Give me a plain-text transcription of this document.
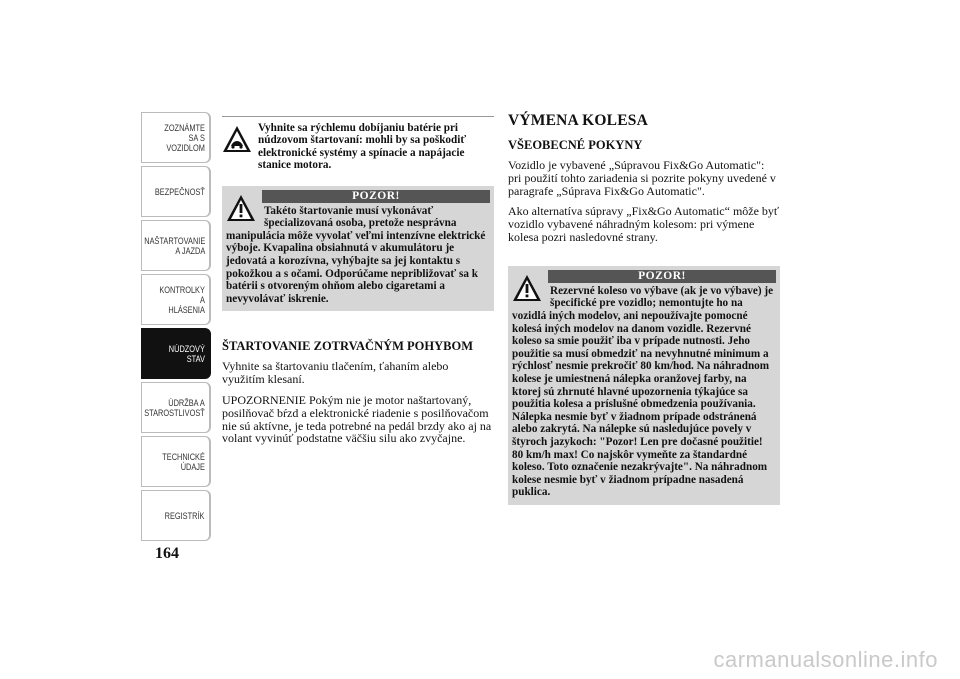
ZOZNÁMTE SA S
VOZIDLOM
BEZPEČNOSŤ
NAŠTARTOVANIE
A JAZDA
KONTROLKY A
HLÁSENIA
NÚDZOVÝ STAV
ÚDRŽBA A
STAROSTLIVOSŤ
TECHNICKÉ
ÚDAJE
REGISTRÍK
164
Vyhnite sa rýchlemu dobíjaniu batérie pri núdzovom štartovaní: mohli by sa poškodiť elektronické systémy a spínacie a napájacie stanice motora.
POZOR!
Takéto štartovanie musí vykonávať špecializovaná osoba, pretože nesprávna manipulácia môže vyvolať veľmi intenzívne elektrické výboje. Kvapalina obsiahnutá v akumulátoru je jedovatá a korozívna, vyhýbajte sa jej kontaktu s pokožkou a s očami. Odporúčame nepribližovať sa k batérii s otvoreným ohňom alebo cigaretami a nevyvolávať iskrenie.
ŠTARTOVANIE ZOTRVAČNÝM POHYBOM

Vyhnite sa štartovaniu tlačením, ťahaním alebo využitím klesaní.

UPOZORNENIE Pokým nie je motor naštartovaný, posilňovač bŕzd a elektronické riadenie s posilňovačom nie sú aktívne, je teda potrebné na pedál brzdy ako aj na volant vyvinúť podstatne väčšiu silu ako zvyčajne.

VÝMENA KOLESA
VŠEOBECNÉ POKYNY

Vozidlo je vybavené „Súpravou Fix&Go Automatic": pri použití tohto zariadenia si pozrite pokyny uvedené v paragrafe „Súprava Fix&Go Automatic".

Ako alternatíva súpravy „Fix&Go Automatic“ môže byť vozidlo vybavené náhradným kolesom: pri výmene kolesa pozri nasledovné strany.

POZOR!
Rezervné koleso vo výbave (ak je vo výbave) je špecifické pre vozidlo; nemontujte ho na vozidlá iných modelov, ani nepoužívajte pomocné kolesá iných modelov na danom vozidle. Rezervné koleso sa smie použiť iba v prípade nutnosti. Jeho použitie sa musí obmedziť na nevyhnutné minimum a rýchlosť nesmie prekročiť 80 km/hod. Na náhradnom kolese je umiestnená nálepka oranžovej farby, na ktorej sú zhrnuté hlavné upozornenia týkajúce sa použitia kolesa a príslušné obmedzenia používania. Nálepka nesmie byť v žiadnom prípade odstránená alebo zakrytá. Na nálepke sú nasledujúce povely v štyroch jazykoch: "Pozor! Len pre dočasné použitie! 80 km/h max! Co najskôr vymeňte za štandardné koleso. Toto označenie nezakrývajte". Na náhradnom kolese nesmie byť v žiadnom prípadne nasadená puklica.
carmanualsonline.info
